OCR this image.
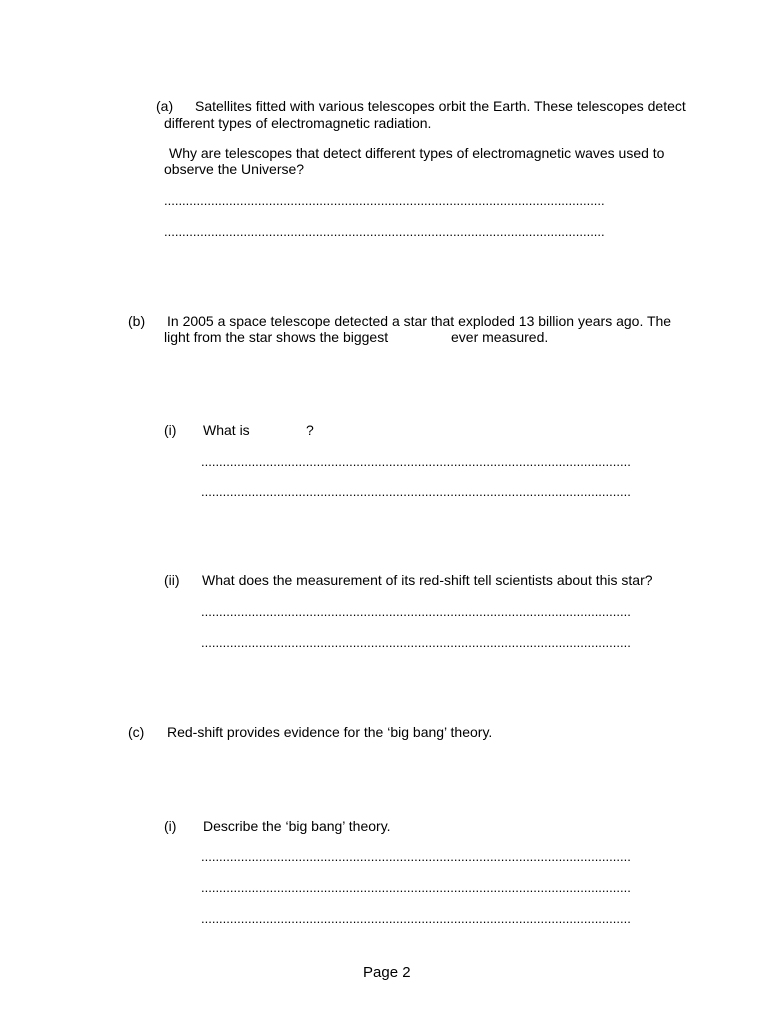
(a) Satellites fitted with various telescopes orbit the Earth. These telescopes detect
different types of electromagnetic radiation.
Why are telescopes that detect different types of electromagnetic waves used to
observe the Universe?
..........................................................................................................................
..........................................................................................................................
(b) In 2005 a space telescope detected a star that exploded 13 billion years ago. The
light from the star shows the biggest	ever measured.
(i) What is	?
.......................................................................................................................
.......................................................................................................................
(ii) What does the measurement of its red-shift tell scientists about this star?
.......................................................................................................................
.......................................................................................................................
(c) Red-shift provides evidence for the ‘big bang’ theory.
(i) Describe the ‘big bang’ theory.
.......................................................................................................................
.......................................................................................................................
.......................................................................................................................
Page 2
